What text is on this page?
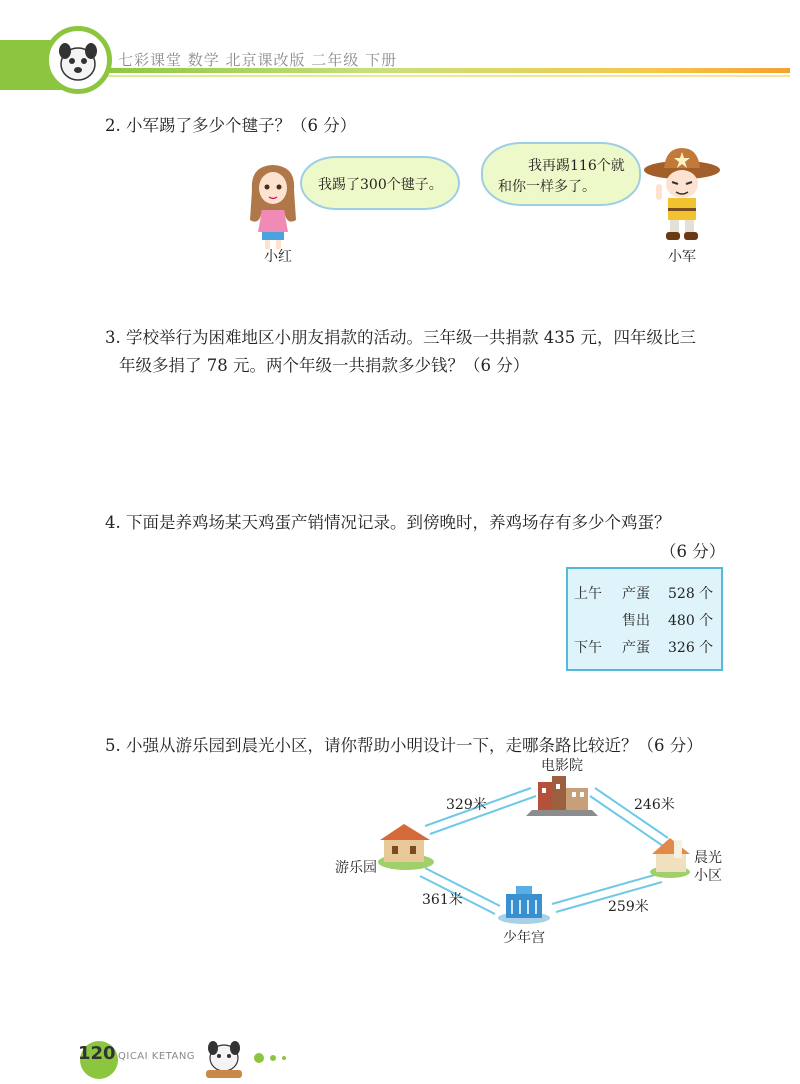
七彩课堂 数学 北京课改版 二年级 下册
2. 小军踢了多少个毽子？（6 分）
我踢了300个毽子。
小红
我再踢116个就
和你一样多了。
小军
3. 学校举行为困难地区小朋友捐款的活动。三年级一共捐款 435 元，四年级比三
年级多捐了 78 元。两个年级一共捐款多少钱？（6 分）
4. 下面是养鸡场某天鸡蛋产销情况记录。到傍晚时，养鸡场存有多少个鸡蛋？
（6 分）
上午 产蛋 528 个
售出 480 个
下午 产蛋 326 个
5. 小强从游乐园到晨光小区，请你帮助小明设计一下，走哪条路比较近？（6 分）
电影院
游乐园
晨光
小区
少年宫
329米	246米
361米	259米
120 QICAI KETANG
